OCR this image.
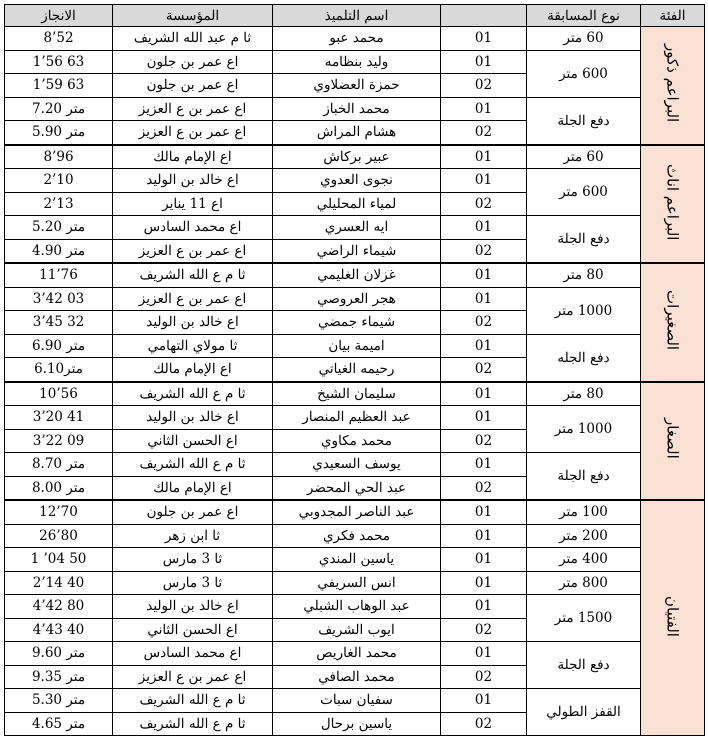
الفئة	نوع المسابقة		اسم التلميذ	المؤسسة	الانجاز
البراعم ذكور	60 متر	01	محمد عبو	ثا م عبد الله الشريف	8’52
	600 متر	01	وليد بنظامه	اع عمر بن جلون	1’56 63
		02	حمزة العضلاوي	اع عمر بن جلون	1’59 63
	دفع الجلة	01	محمد الخباز	اع عمر بن ع العزيز	7.20 متر
		02	هشام المراش	اع عمر بن ع العزيز	5.90 متر
البراعم اناث	60 متر	01	عبير بركاش	اع الإمام مالك	8’96
	600 متر	01	نجوى العدوي	اع خالد بن الوليد	2’10
		02	لمياء المحليلي	اع 11 يناير	2’13
	دفع الجلة	01	ايه العسري	اع محمد السادس	5.20 متر
		02	شيماء الراضي	اع عمر بن ع العزيز	4.90 متر
الصغيرات	80 متر	01	غزلان الغليمي	ثا م ع الله الشريف	11’76
	1000 متر	01	هجر العروصي	اع عمر بن ع العزيز	3’42 03
		02	شيماء جمضي	اع خالد بن الوليد	3’45 32
	دفع الجله	01	اميمة بيان	ثا مولاي التهامي	6.90 متر
		02	رحيمه الغياتي	اع الإمام مالك	6.10متر
الصغار	80 متر	01	سليمان الشيخ	ثا م ع الله الشريف	10’56
	1000 متر	01	عبد العظيم المنصار	اع خالد بن الوليد	3’20 41
		02	محمد مكاوي	اع الحسن الثاني	3’22 09
	دفع الجلة	01	يوسف السعيدي	ثا م ع الله الشريف	8.70 متر
		02	عبد الحي المحضر	اع الإمام مالك	8.00 متر
الفتيان	100 متر	01	عبد الناصر المجدوبي	اع عمر بن جلون	12’70
	200 متر	01	محمد فكري	ثا ابن زهر	26’80
	400 متر	01	ياسين المندي	ثا 3 مارس	1 ’04 50
	800 متر	01	انس السريفي	ثا 3 مارس	2’14 40
	1500 متر	01	عبد الوهاب الشبلي	اع خالد بن الوليد	4’42 80
		02	ايوب الشريف	اع الحسن الثاني	4’43 40
	دفع الجلة	01	محمد الغاريص	اع محمد السادس	9.60 متر
		02	محمد الصافي	اع عمر بن ع العزيز	9.35 متر
	القفز الطولي	01	سفيان سبات	ثا م ع الله الشريف	5.30 متر
		02	ياسين برحال	ثا م ع الله الشريف	4.65 متر
